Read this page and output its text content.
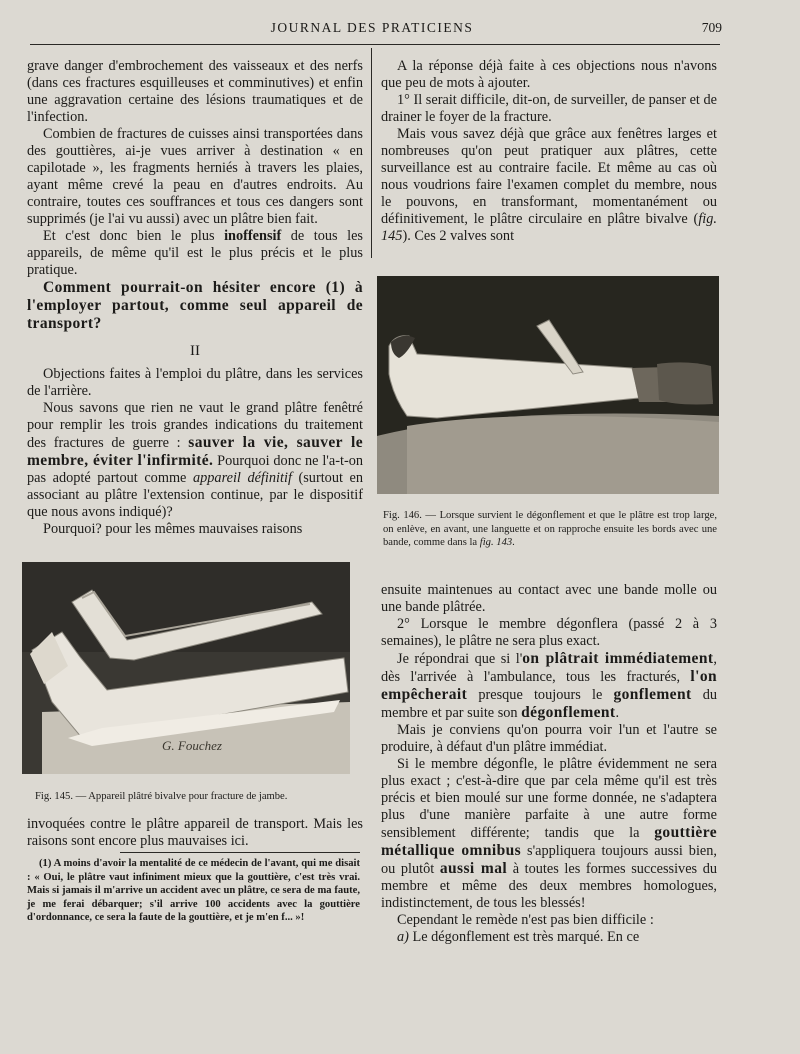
JOURNAL DES PRATICIENS	709

grave danger d'embrochement des vaisseaux et des nerfs (dans ces fractures esquilleuses et comminutives) et enfin une aggravation certaine des lésions traumatiques et de l'infection.

Combien de fractures de cuisses ainsi transportées dans des gouttières, ai-je vues arriver à destination « en capilotade », les fragments herniés à travers les plaies, ayant même crevé la peau en d'autres endroits. Au contraire, toutes ces souffrances et tous ces dangers sont supprimés (je l'ai vu aussi) avec un plâtre bien fait.

Et c'est donc bien le plus inoffensif de tous les appareils, de même qu'il est le plus précis et le plus pratique.

Comment pourrait-on hésiter encore (1) à l'employer partout, comme seul appareil de transport?

II

Objections faites à l'emploi du plâtre, dans les services de l'arrière.

Nous savons que rien ne vaut le grand plâtre fenêtré pour remplir les trois grandes indications du traitement des fractures de guerre : sauver la vie, sauver le membre, éviter l'infirmité. Pourquoi donc ne l'a-t-on pas adopté partout comme appareil définitif (surtout en associant au plâtre l'extension continue, par le dispositif que nous avons indiqué)?

Pourquoi? pour les mêmes mauvaises raisons

G. Fouchez
Fig. 145. — Appareil plâtré bivalve pour fracture de jambe.

invoquées contre le plâtre appareil de transport. Mais les raisons sont encore plus mauvaises ici.

(1) A moins d'avoir la mentalité de ce médecin de l'avant, qui me disait : « Oui, le plâtre vaut infiniment mieux que la gouttière, c'est très vrai. Mais si jamais il m'arrive un accident avec un plâtre, ce sera de ma faute, je me ferai débarquer; s'il arrive 100 accidents avec la gouttière d'ordonnance, ce sera la faute de la gouttière, et je m'en f... »!

A la réponse déjà faite à ces objections nous n'avons que peu de mots à ajouter.

1° Il serait difficile, dit-on, de surveiller, de panser et de drainer le foyer de la fracture.

Mais vous savez déjà que grâce aux fenêtres larges et nombreuses qu'on peut pratiquer aux plâtres, cette surveillance est au contraire facile. Et même au cas où nous voudrions faire l'examen complet du membre, nous le pouvons, en transformant, momentanément ou définitivement, le plâtre circulaire en plâtre bivalve (fig. 145). Ces 2 valves sont

Fig. 146. — Lorsque survient le dégonflement et que le plâtre est trop large, on enlève, en avant, une languette et on rapproche ensuite les bords avec une bande, comme dans la fig. 143.

ensuite maintenues au contact avec une bande molle ou une bande plâtrée.

2° Lorsque le membre dégonflera (passé 2 à 3 semaines), le plâtre ne sera plus exact.

Je répondrai que si l'on plâtrait immédiatement, dès l'arrivée à l'ambulance, tous les fracturés, l'on empêcherait presque toujours le gonflement du membre et par suite son dégonflement.

Mais je conviens qu'on pourra voir l'un et l'autre se produire, à défaut d'un plâtre immédiat.

Si le membre dégonfle, le plâtre évidemment ne sera plus exact ; c'est-à-dire que par cela même qu'il est très précis et bien moulé sur une forme donnée, ne s'adaptera plus d'une manière parfaite à une autre forme sensiblement différente; tandis que la gouttière métallique omnibus s'appliquera toujours aussi bien, ou plutôt aussi mal à toutes les formes successives du membre et même des deux membres homologues, indistinctement, de tous les blessés!

Cependant le remède n'est pas bien difficile :

a) Le dégonflement est très marqué. En ce
